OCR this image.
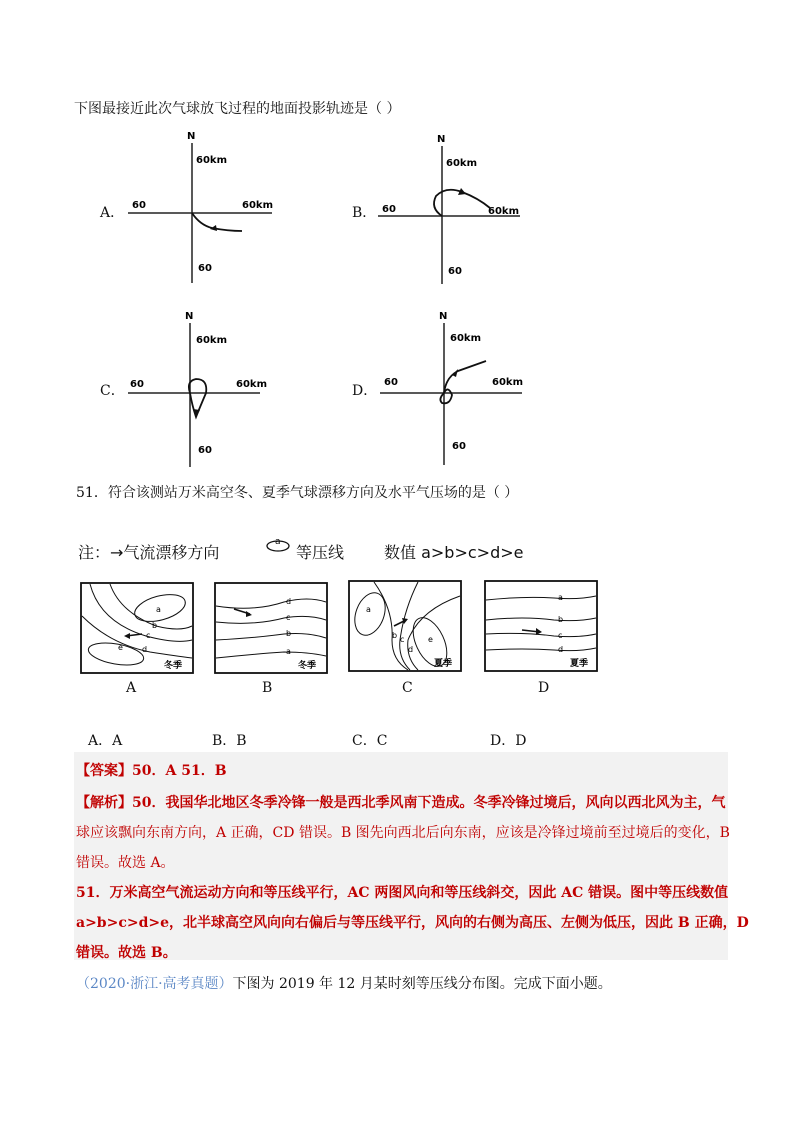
下图最接近此次气球放飞过程的地面投影轨迹是（ ）
A．
N
60km
60	60km
60
B．
N
60km
60	60km
60
C．
N
60km
60	60km
60
D．
N
60km
60	60km
60
51．符合该测站万米高空冬、夏季气球漂移方向及水平气压场的是（ ）
注：→气流漂移方向
a
等压线 数值 a>b>c>d>e
a
b
c
d
e
冬季
A
d
c
b
a
冬季
B
a
b c
d
e
夏季
C
a
b
c
d
夏季
D
A．A	B．B	C．C	D．D
【答案】50．A 51．B
【解析】50．我国华北地区冬季冷锋一般是西北季风南下造成。冬季冷锋过境后，风向以西北风为主，气
球应该飘向东南方向，A 正确，CD 错误。B 图先向西北后向东南，应该是冷锋过境前至过境后的变化，B
错误。故选 A。
51．万米高空气流运动方向和等压线平行，AC 两图风向和等压线斜交，因此 AC 错误。图中等压线数值
a>b>c>d>e，北半球高空风向向右偏后与等压线平行，风向的右侧为高压、左侧为低压，因此 B 正确，D
错误。故选 B。
（2020·浙江·高考真题）下图为 2019 年 12 月某时刻等压线分布图。完成下面小题。
